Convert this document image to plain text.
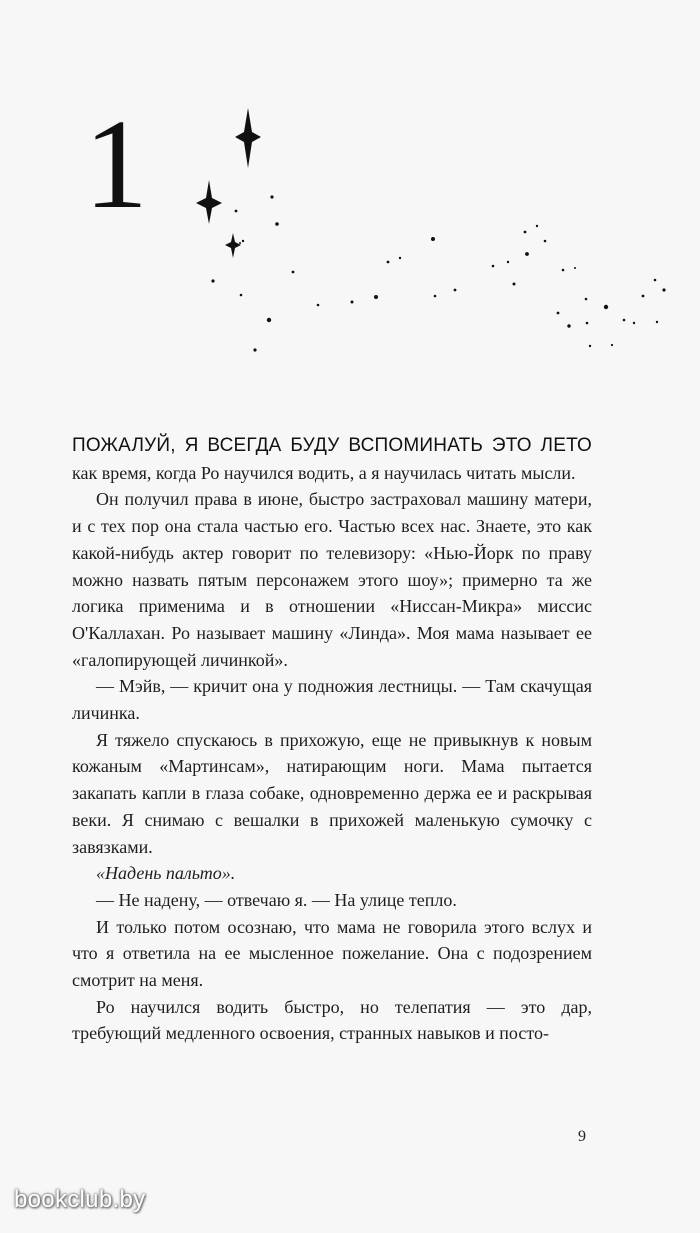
1

ПОЖАЛУЙ, Я ВСЕГДА БУДУ ВСПОМИНАТЬ ЭТО ЛЕТО как время, когда Ро научился водить, а я научилась читать мысли.

Он получил права в июне, быстро застраховал машину матери, и с тех пор она стала частью его. Частью всех нас. Знаете, это как какой-нибудь актер говорит по телевизору: «Нью-Йорк по праву можно назвать пятым персонажем этого шоу»; примерно та же логика применима и в отношении «Ниссан-Микра» миссис О'Каллахан. Ро называет машину «Линда». Моя мама называет ее «галопирующей личинкой».

— Мэйв, — кричит она у подножия лестницы. — Там скачущая личинка.

Я тяжело спускаюсь в прихожую, еще не привыкнув к новым кожаным «Мартинсам», натирающим ноги. Мама пытается закапать капли в глаза собаке, одновременно держа ее и раскрывая веки. Я снимаю с вешалки в прихожей маленькую сумочку с завязками.

«Надень пальто».

— Не надену, — отвечаю я. — На улице тепло.

И только потом осознаю, что мама не говорила этого вслух и что я ответила на ее мысленное пожелание. Она с подозрением смотрит на меня.

Ро научился водить быстро, но телепатия — это дар, требующий медленного освоения, странных навыков и посто-

9
bookclub.by
